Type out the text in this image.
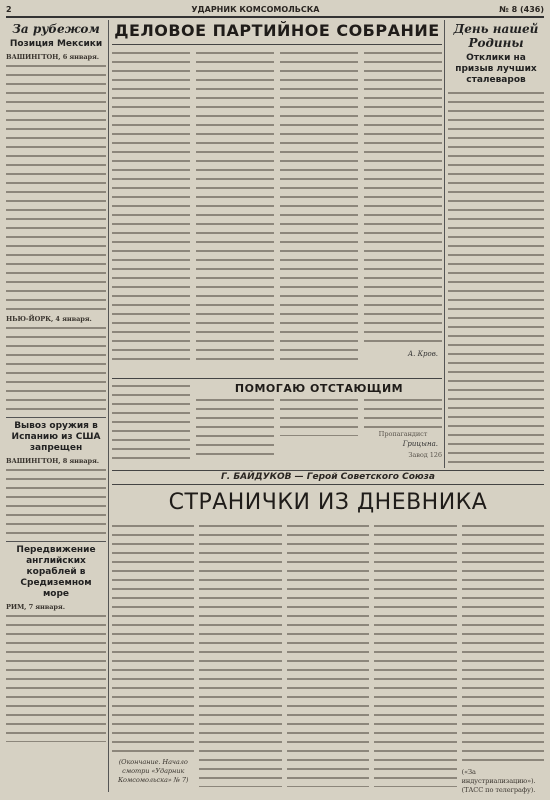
2	УДАРНИК КОМСОМОЛЬСКА	№ 8 (436)
За рубежом
Позиция Мексики
ВАШИНГТОН, 6 января.
НЬЮ-ЙОРК, 4 января.
Вывоз оружия в Испанию из США запрещен
ВАШИНГТОН, 8 января.
Передвижение английских кораблей в Средиземном море
РИМ, 7 января.
ДЕЛОВОЕ ПАРТИЙНОЕ СОБРАНИЕ
А. Кров.
ПОМОГАЮ ОТСТАЮЩИМ
Пропагандист
Грицына.
Завод 126
День нашей Родины
Отклики на призыв лучших сталеваров
Г. БАЙДУКОВ — Герой Советского Союза
СТРАНИЧКИ ИЗ ДНЕВНИКА
(Окончание. Начало смотри «Ударник Комсомольска» № 7)
(«За индустриализацию»). (ТАСС по телеграфу).
